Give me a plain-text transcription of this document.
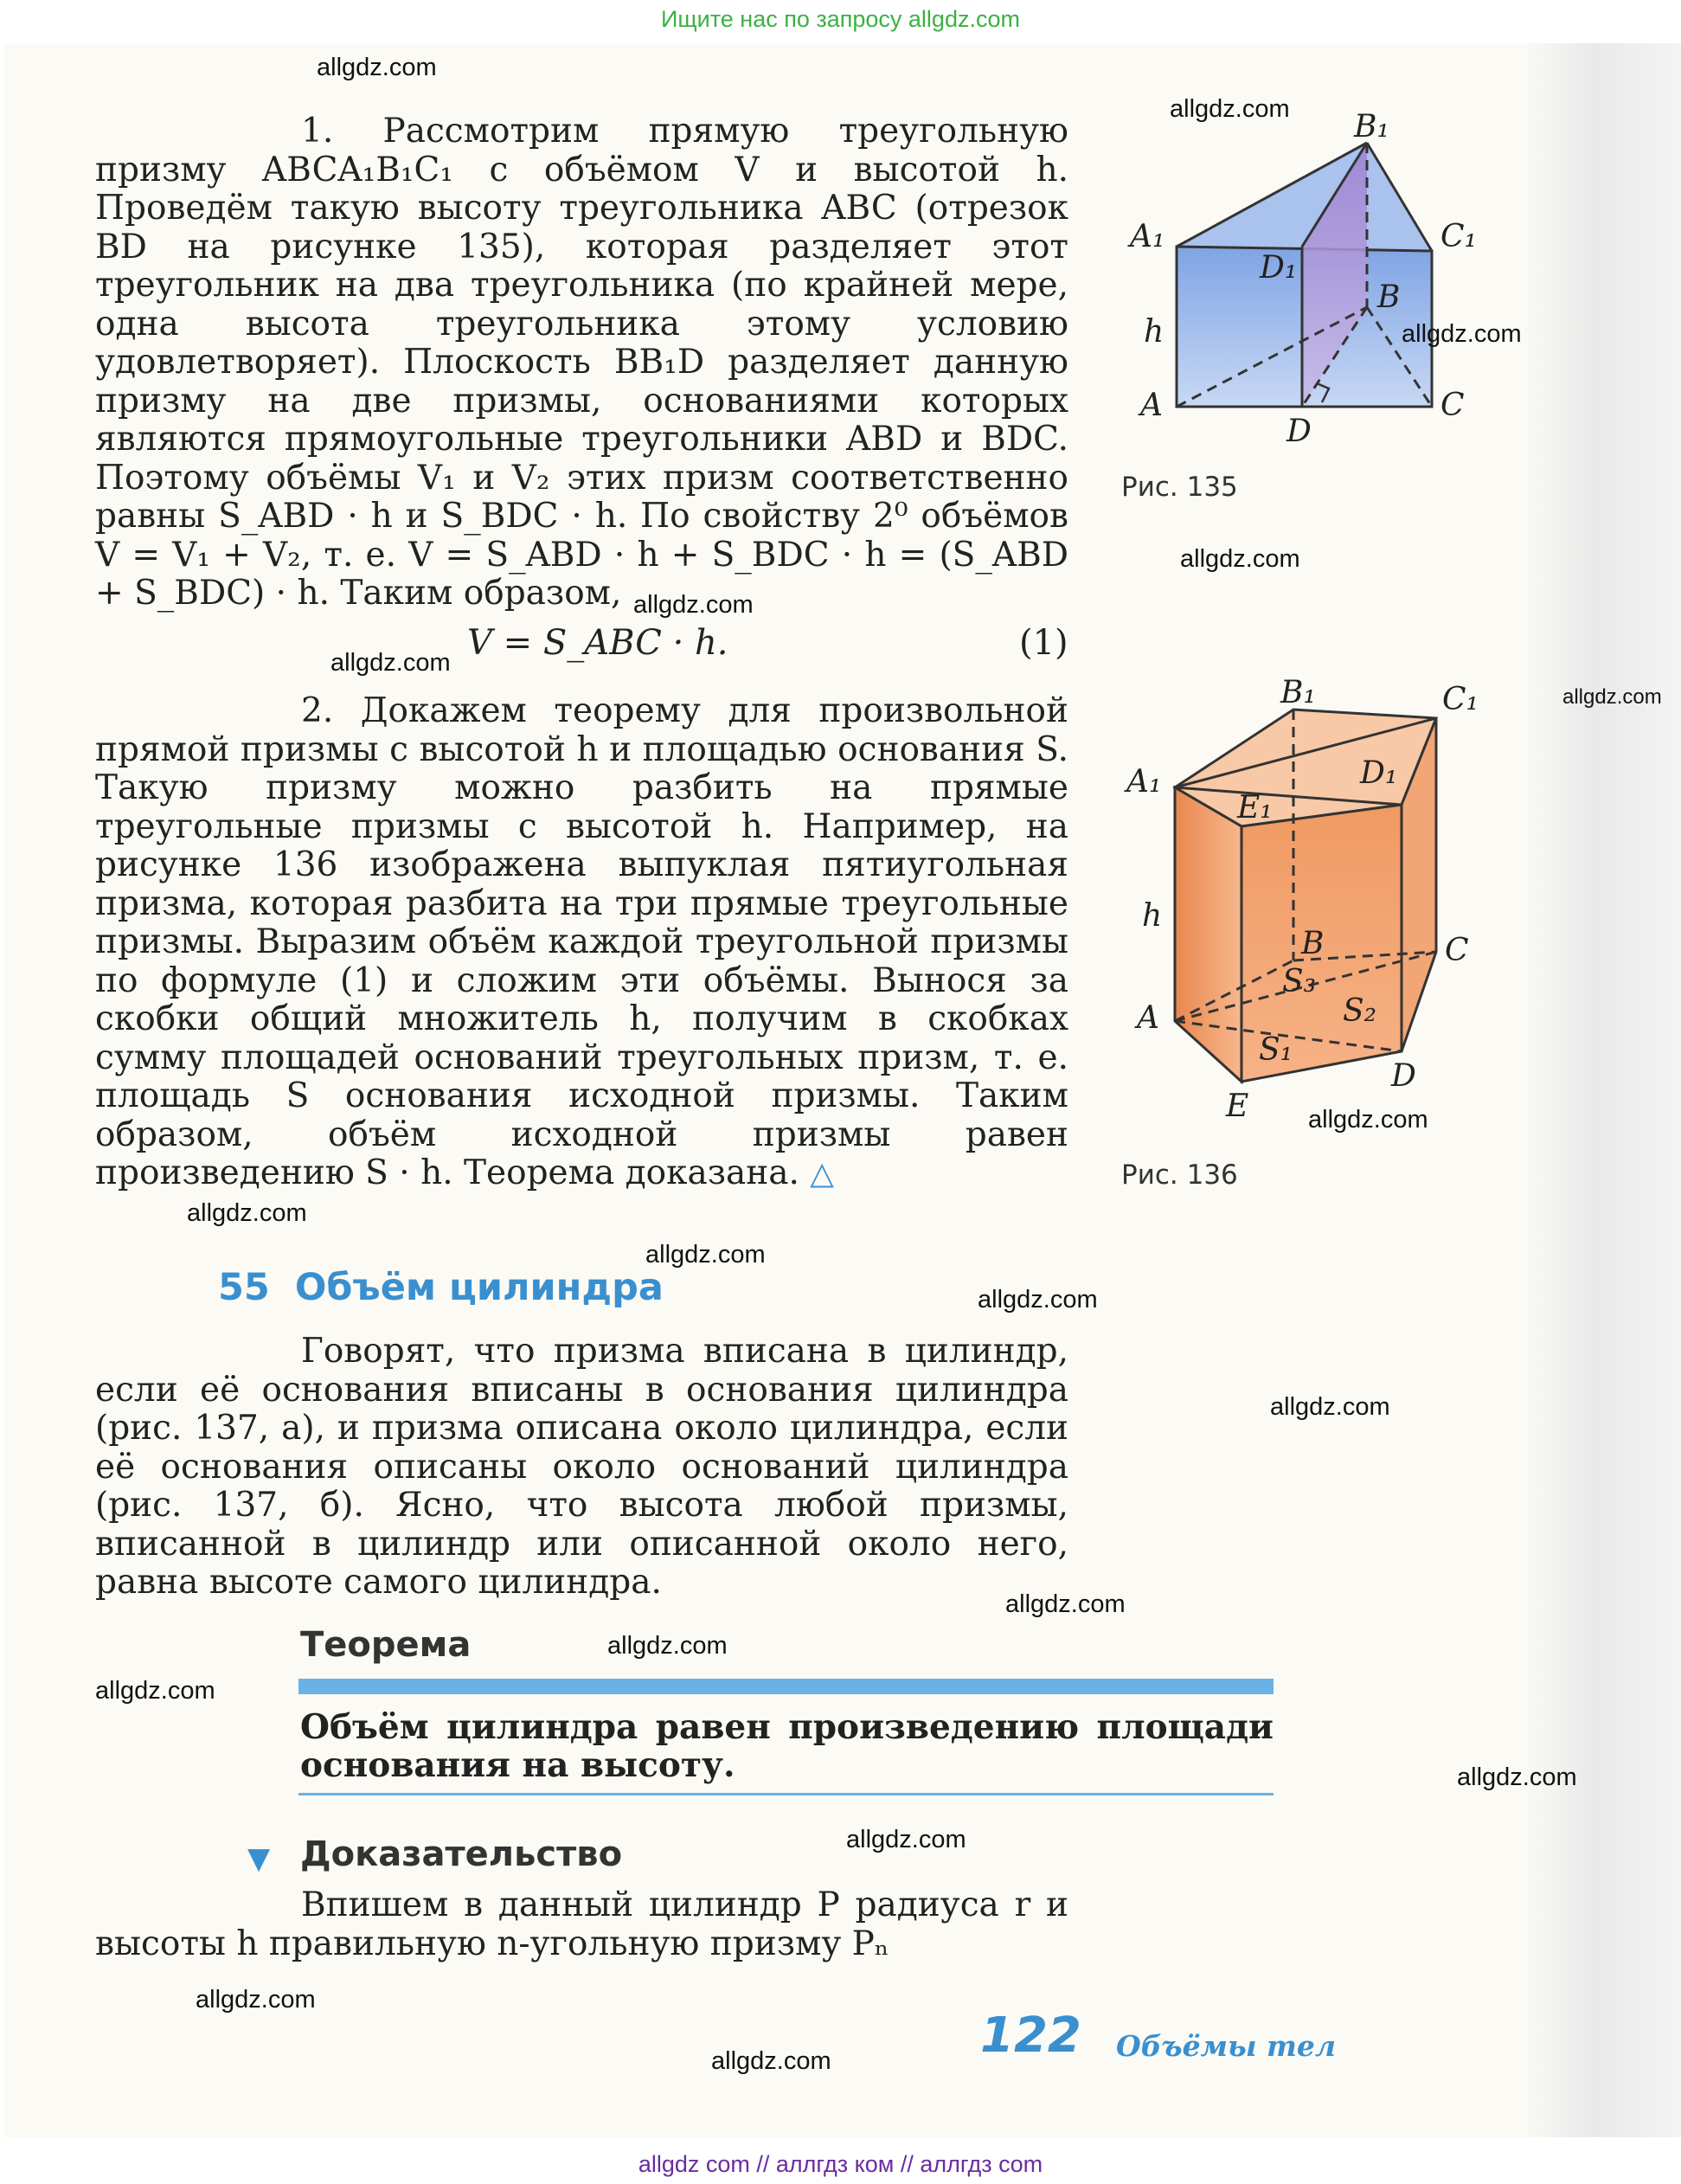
Ищите нас по запросу allgdz.com

1. Рассмотрим прямую треугольную призму ABCA₁B₁C₁ с объёмом V и высотой h. Проведём такую высоту треугольника ABC (отрезок BD на рисунке 135), которая разделяет этот треугольник на два треугольника (по крайней мере, одна высота треугольника этому условию удовлетворяет). Плоскость BB₁D разделяет данную призму на две призмы, основаниями которых являются прямоугольные треугольники ABD и BDC. Поэтому объёмы V₁ и V₂ этих призм соответственно равны S_ABD · h и S_BDC · h. По свойству 2⁰ объёмов V = V₁ + V₂, т. е. V = S_ABD · h + S_BDC · h = (S_ABD + S_BDC) · h. Таким образом,

V = S_ABC · h.	(1)

2. Докажем теорему для произвольной прямой призмы с высотой h и площадью основания S. Такую призму можно разбить на прямые треугольные призмы с высотой h. Например, на рисунке 136 изображена выпуклая пятиугольная призма, которая разбита на три прямые треугольные призмы. Выразим объём каждой треугольной призмы по формуле (1) и сложим эти объёмы. Вынося за скобки общий множитель h, получим в скобках сумму площадей оснований треугольных призм, т. е. площадь S основания исходной призмы. Таким образом, объём исходной призмы равен произведению S · h. Теорема доказана. △

B₁
A₁	C₁
D₁
B
h
A
D
C
Рис. 135
B₁	C₁
A₁	D₁
E₁
h
B
S₃
C
S₂
A
S₁
D
E
Рис. 136
55 Объём цилиндра

Говорят, что призма вписана в цилиндр, если её основания вписаны в основания цилиндра (рис. 137, а), и призма описана около цилиндра, если её основания описаны около оснований цилиндра (рис. 137, б). Ясно, что высота любой призмы, вписанной в цилиндр или описанной около него, равна высоте самого цилиндра.

Теорема
Объём цилиндра равен произведению площади основания на высоту.
▼ Доказательство

Впишем в данный цилиндр P радиуса r и высоты h правильную n-угольную призму Pₙ

122 Объёмы тел
allgdz.com
allgdz.com
allgdz.com
allgdz.com
allgdz.com
allgdz.com
allgdz.com
allgdz.com
allgdz.com
allgdz.com
allgdz.com
allgdz.com
allgdz.com
allgdz.com
allgdz.com
allgdz.com
allgdz.com
allgdz.com
allgdz.com
allgdz com // аллгдз ком // аллгдз com
